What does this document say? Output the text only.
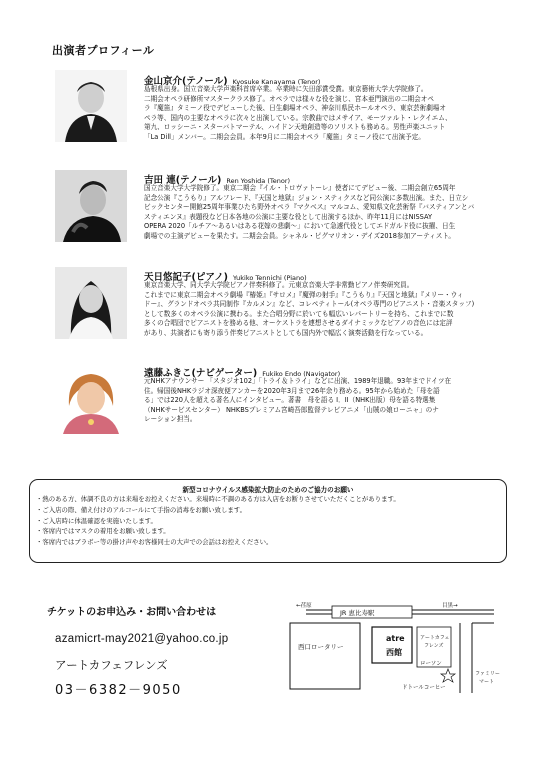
出演者プロフィール
金山京介(テノール) Kyosuke Kanayama (Tenor)
島根県出身。国立音楽大学声楽科首席卒業。卒業時に矢田部賞受賞。東京藝術大学大学院修了。
二期会オペラ研修所マスタークラス修了。オペラでは様々な役を演じ、宮本亜門演出の二期会オペ
ラ『魔笛』タミーノ役でデビューした後、日生劇場オペラ、神奈川県民ホールオペラ、東京芸術劇場オ
ペラ等、国内の主要なオペラに次々と出演している。宗教曲ではメサイア、モーツァルト・レクイエム、
第九、ロッシーニ・スターバトマーテル、ハイドン天地創造等のソリストも務める。男性声楽ユニット
「La Dill」メンバー。二期会会員。本年9月に二期会オペラ「魔笛」タミーノ役にて出演予定。
吉田 連(テノール) Ren Yoshida (Tenor)
国立音楽大学大学院修了。東京二期会『イル・トロヴァトーレ』使者にてデビュー後、二期会創立65周年
記念公演『こうもり』アルフレード、『天国と地獄』ジョン・スティクスなど同公演に多数出演。また、日立シ
ビックセンター開館25周年事業ひたち野外オペラ『マクベス』マルコム、愛知県文化芸術祭『バスティアンとバ
スティエンヌ』表題役など日本各地の公演に主要な役として出演するほか、昨年11月にはNISSAY
OPERA 2020「ルチア～あるいはある花嫁の悲劇～」において急遽代役としてエドガルド役に抜擢、日生
劇場での主演デビューを果たす。二期会会員。シャネル・ピグマリオン・デイズ2018参加アーティスト。
天日悠記子(ピアノ) Yukiko Tennichi (Piano)
東京音楽大学、同大学大学院ピアノ伴奏科修了。元東京音楽大学非常勤ピアノ伴奏研究員。
これまでに東京二期会オペラ劇場『椿姫』『サロメ』『魔弾の射手』『こうもり』『天国と地獄』『メリー・ウィ
ドー』、グランドオペラ共同制作『カルメン』など、コレペティトール(オペラ専門のピアニスト・音楽スタッフ)
として数多くのオペラ公演に携わる。また合唱分野に於いても幅広いレパートリーを持ち、これまでに数
多くの合唱団でピアニストを務める他、オーケストラを連想させるダイナミックなピアノの音色には定評
があり、共演者にも寄り添う伴奏ピアニストとしても国内外で幅広く演奏活動を行なっている。
遠藤ふきこ(ナビゲーター) Fukiko Endo (Navigator)
元NHKアナウンサー 「スタジオ102」「トライ＆トライ」などに出演、1989年退職。93年までドイツ在
住。帰国後NHKラジオ深夜便アンカーを2020年3月まで26年余り務める。95年から始めた「母を語
る」では220人を超える著名人にインタビュー。著書　母を語る I．II（NHK出版）母を語る特選集
（NHKサービスセンター） NHKBSプレミアム宮崎吾郎監督テレビアニメ「山賊の娘ローニャ」のナ
レーション担当。
新型コロナウイルス感染拡大防止のためのご協力のお願い
・ 熱のある方、体調不良の方は来場をお控えください。来場時に不調のある方は入店をお断りさせていただくことがあります。
・ ご入店の際、備え付けのアルコールにて手指の消毒をお願い致します。
・ ご入店時に体温確認を実施いたします。
・ 客席内ではマスクの着用をお願い致します。
・ 客席内ではブラボー等の掛け声やお客様同士の大声での会話はお控えください。
チケットのお申込み・お問い合わせは
azamicrt-may2021@yahoo.co.jp
アートカフェフレンズ
03－6382－9050
JR 恵比寿駅
←荏原	目黒→
西口ロータリー
atre
西館
アートカフェ
フレンズ
ローソン
ドトールコーヒー
ファミリー
マート
